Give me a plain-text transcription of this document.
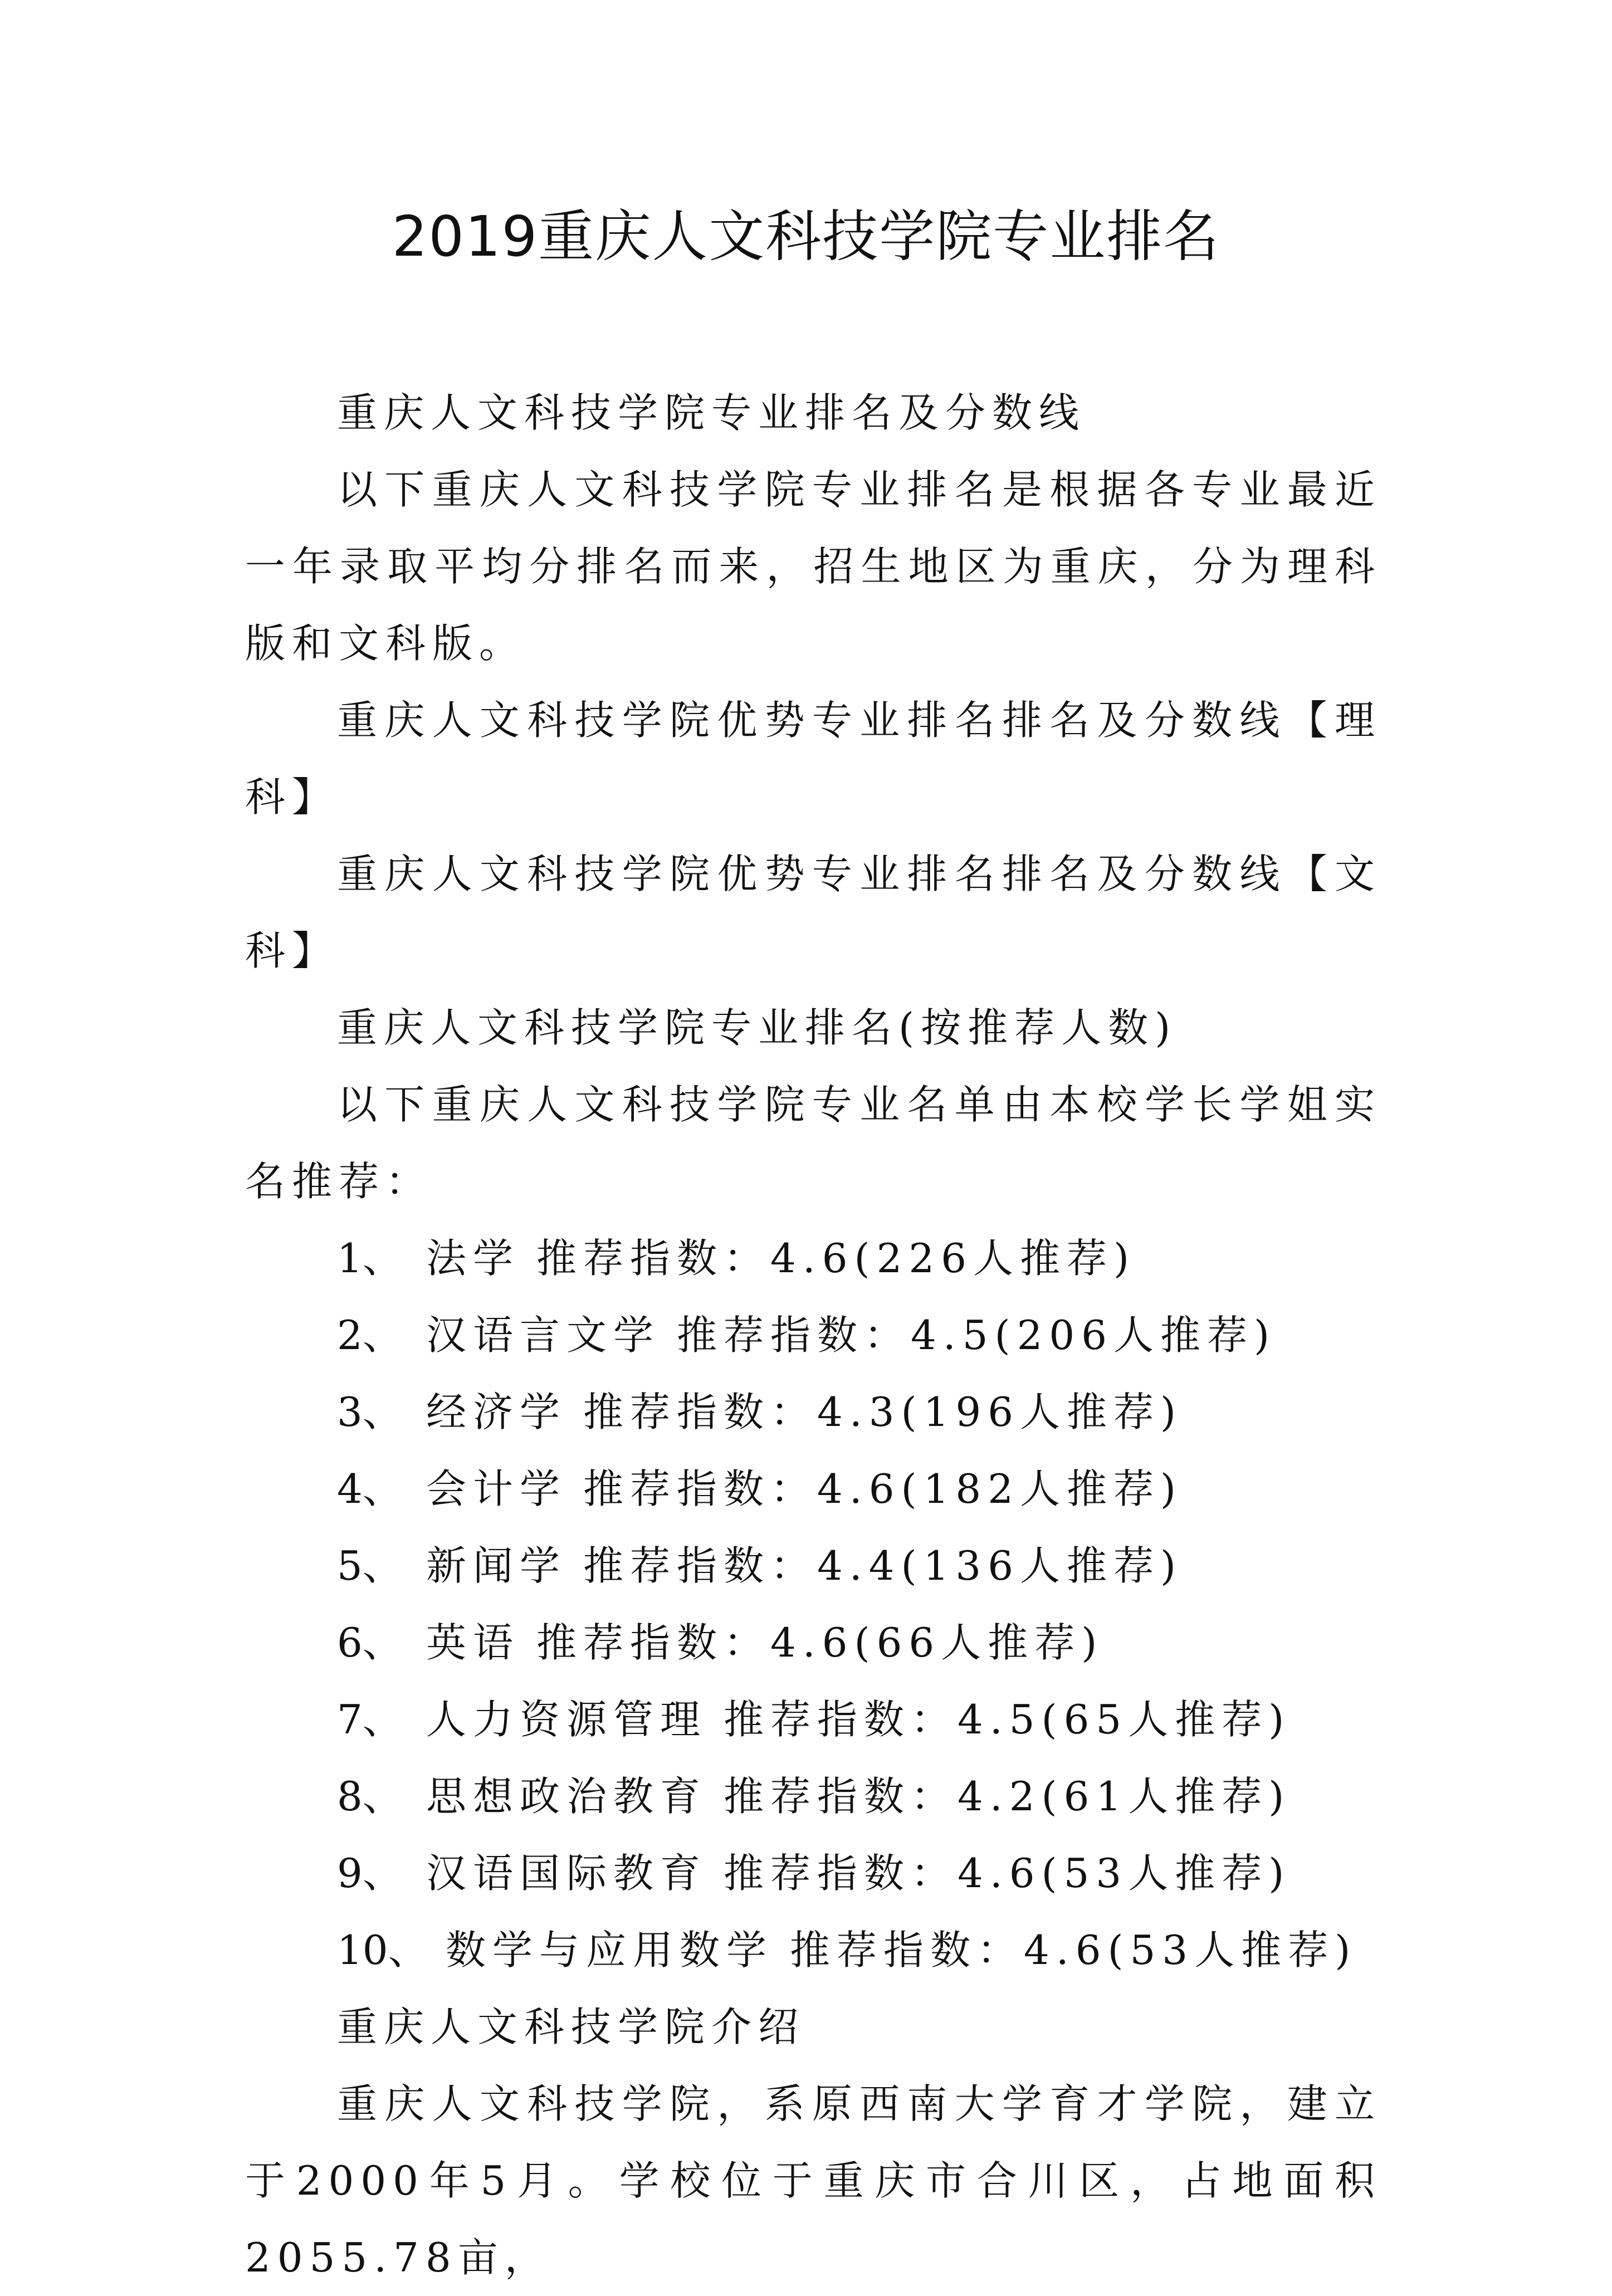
2019重庆人文科技学院专业排名

重庆人文科技学院专业排名及分数线

以下重庆人文科技学院专业排名是根据各专业最近一年录取平均分排名而来，招生地区为重庆，分为理科版和文科版。

重庆人文科技学院优势专业排名排名及分数线【理科】

重庆人文科技学院优势专业排名排名及分数线【文科】

重庆人文科技学院专业排名(按推荐人数)

以下重庆人文科技学院专业名单由本校学长学姐实名推荐：

1、 法学 推荐指数：4.6(226人推荐)

2、 汉语言文学 推荐指数：4.5(206人推荐)

3、 经济学 推荐指数：4.3(196人推荐)

4、 会计学 推荐指数：4.6(182人推荐)

5、 新闻学 推荐指数：4.4(136人推荐)

6、 英语 推荐指数：4.6(66人推荐)

7、 人力资源管理 推荐指数：4.5(65人推荐)

8、 思想政治教育 推荐指数：4.2(61人推荐)

9、 汉语国际教育 推荐指数：4.6(53人推荐)

10、 数学与应用数学 推荐指数：4.6(53人推荐)

重庆人文科技学院介绍

重庆人文科技学院，系原西南大学育才学院，建立于2000年5月。学校位于重庆市合川区，占地面积2055.78亩，
